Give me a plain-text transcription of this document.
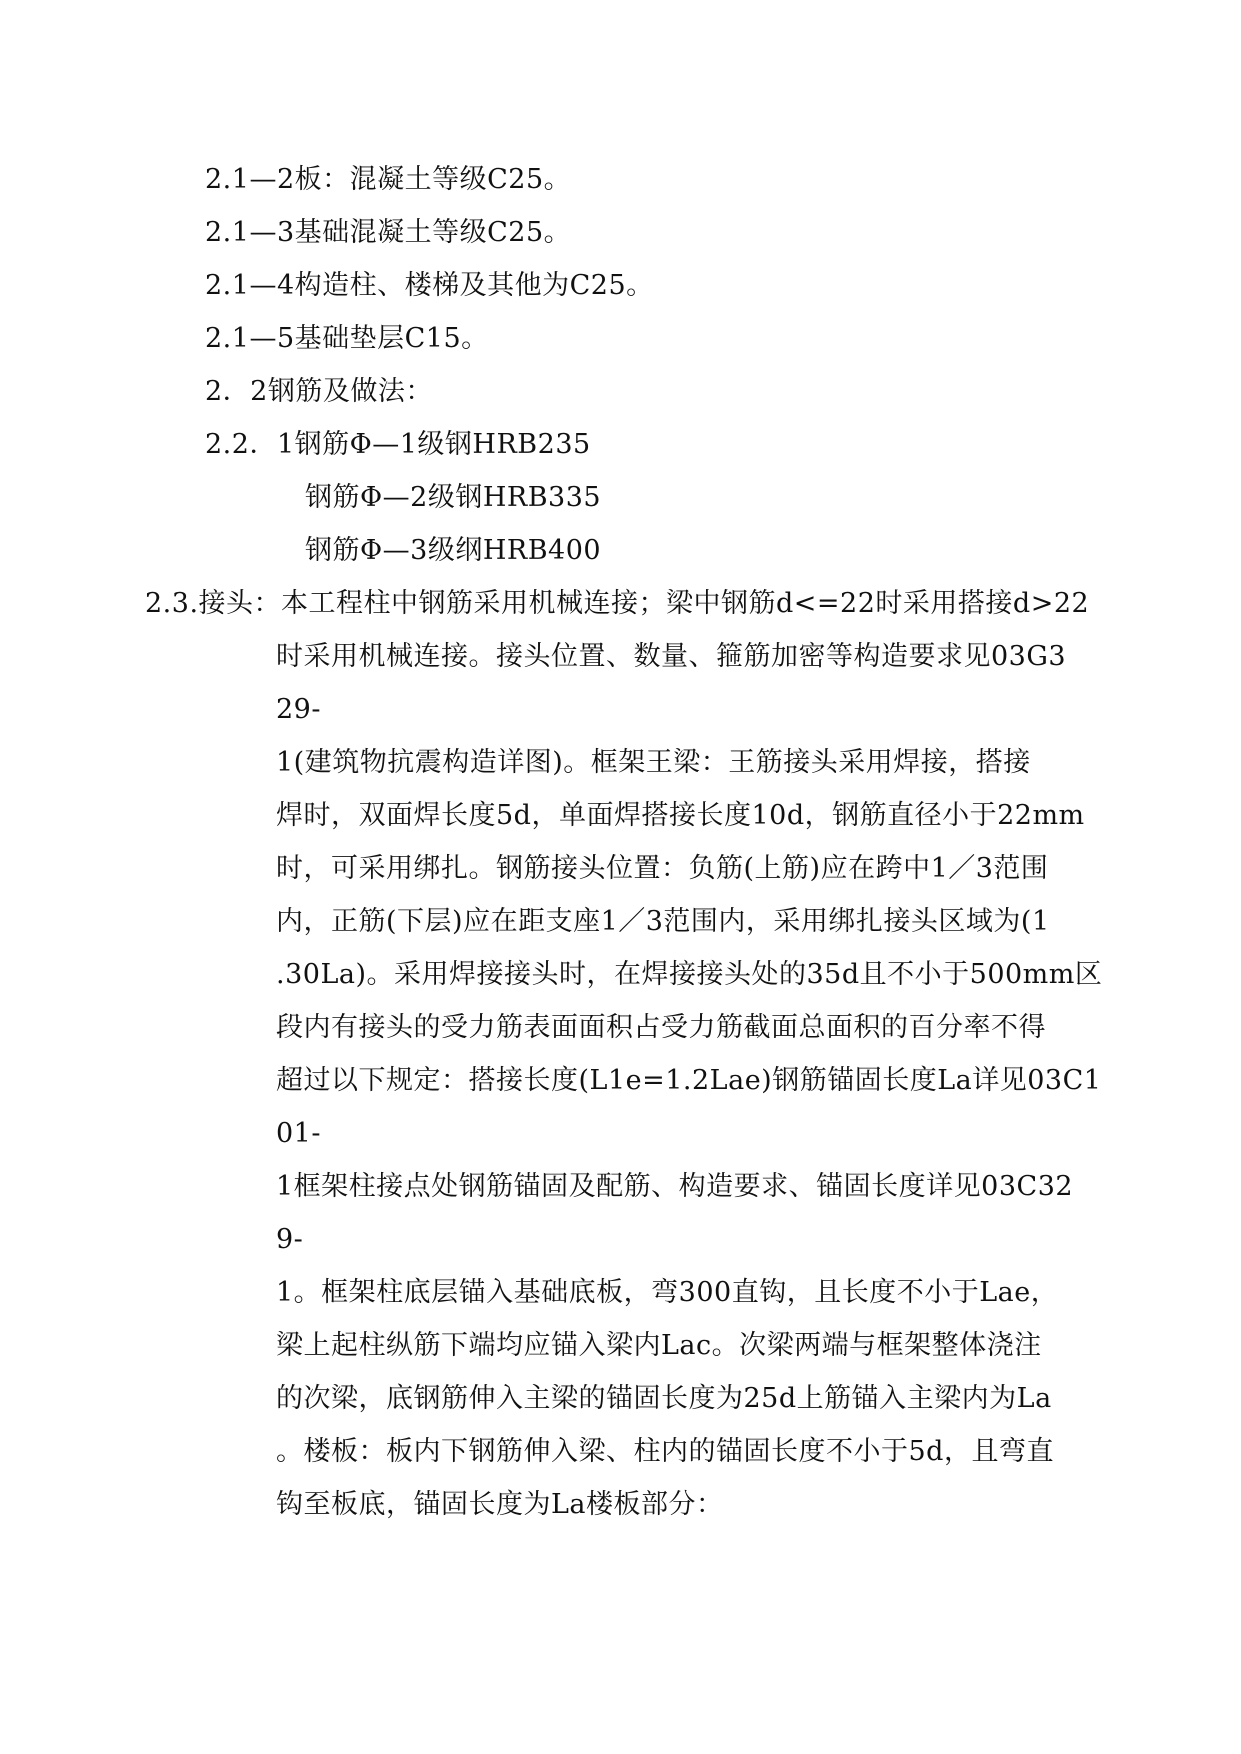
2.1—2板：混凝土等级C25。
2.1—3基础混凝土等级C25。
2.1—4构造柱、楼梯及其他为C25。
2.1—5基础垫层C15。
2．2钢筋及做法：
2.2．1钢筋Φ—1级钢HRB235
钢筋Φ—2级钢HRB335
钢筋Φ—3级纲HRB400
2.3.接头：本工程柱中钢筋采用机械连接；梁中钢筋d<=22时采用搭接d>22
时采用机械连接。接头位置、数量、箍筋加密等构造要求见03G3
29-
1(建筑物抗震构造详图)。框架王梁：王筋接头采用焊接，搭接
焊时，双面焊长度5d，单面焊搭接长度10d，钢筋直径小于22mm
时，可采用绑扎。钢筋接头位置：负筋(上筋)应在跨中1／3范围
内，正筋(下层)应在距支座1／3范围内，采用绑扎接头区域为(1
.30La)。采用焊接接头时，在焊接接头处的35d且不小于500mm区
段内有接头的受力筋表面面积占受力筋截面总面积的百分率不得
超过以下规定：搭接长度(L1e=1.2Lae)钢筋锚固长度La详见03C1
01-
1框架柱接点处钢筋锚固及配筋、构造要求、锚固长度详见03C32
9-
1。框架柱底层锚入基础底板，弯300直钩，且长度不小于Lae，
梁上起柱纵筋下端均应锚入梁内Lac。次梁两端与框架整体浇注
的次梁，底钢筋伸入主梁的锚固长度为25d上筋锚入主梁内为La
。楼板：板内下钢筋伸入梁、柱内的锚固长度不小于5d，且弯直
钩至板底，锚固长度为La楼板部分：
